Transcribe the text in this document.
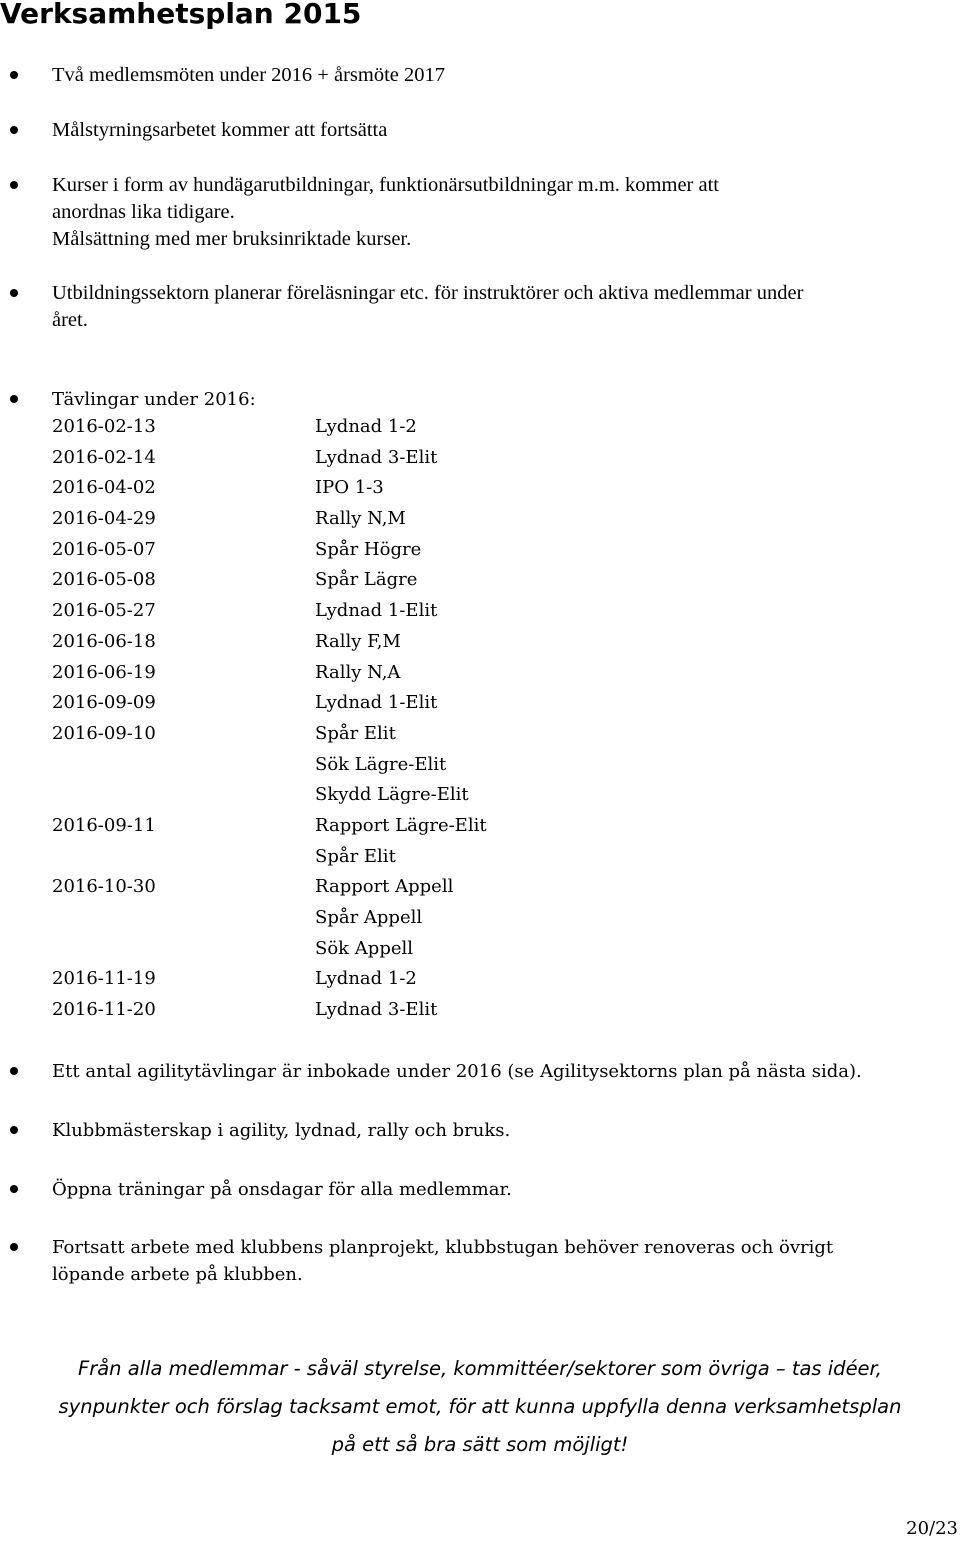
Verksamhetsplan 2015
Två medlemsmöten under 2016 + årsmöte 2017
Målstyrningsarbetet kommer att fortsätta
Kurser i form av hundägarutbildningar, funktionärsutbildningar m.m. kommer att
anordnas lika tidigare.
Målsättning med mer bruksinriktade kurser.
Utbildningssektorn planerar föreläsningar etc. för instruktörer och aktiva medlemmar under
året.
Tävlingar under 2016:
2016-02-13	Lydnad 1-2
2016-02-14	Lydnad 3-Elit
2016-04-02	IPO 1-3
2016-04-29	Rally N,M
2016-05-07	Spår Högre
2016-05-08	Spår Lägre
2016-05-27	Lydnad 1-Elit
2016-06-18	Rally F,M
2016-06-19	Rally N,A
2016-09-09	Lydnad 1-Elit
2016-09-10	Spår Elit
Sök Lägre-Elit
Skydd Lägre-Elit
2016-09-11	Rapport Lägre-Elit
Spår Elit
2016-10-30	Rapport Appell
Spår Appell
Sök Appell
2016-11-19	Lydnad 1-2
2016-11-20	Lydnad 3-Elit
Ett antal agilitytävlingar är inbokade under 2016 (se Agilitysektorns plan på nästa sida).
Klubbmästerskap i agility, lydnad, rally och bruks.
Öppna träningar på onsdagar för alla medlemmar.
Fortsatt arbete med klubbens planprojekt, klubbstugan behöver renoveras och övrigt
löpande arbete på klubben.
Från alla medlemmar - såväl styrelse, kommittéer/sektorer som övriga – tas idéer,
synpunkter och förslag tacksamt emot, för att kunna uppfylla denna verksamhetsplan
på ett så bra sätt som möjligt!
20/23
